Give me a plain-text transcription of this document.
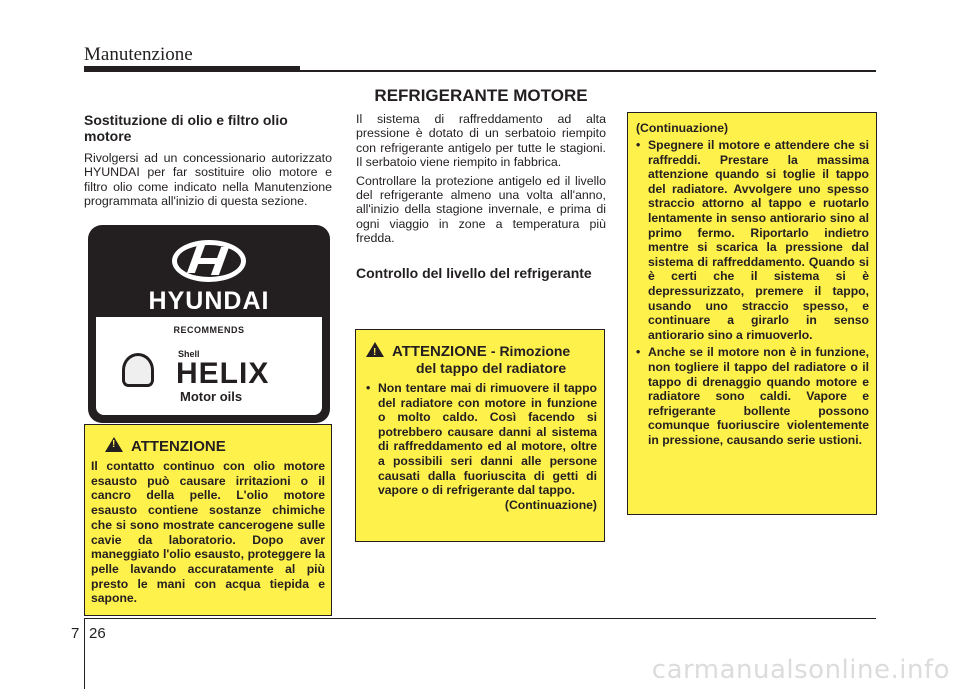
Manutenzione
REFRIGERANTE MOTORE
Sostituzione di olio e filtro olio motore

Rivolgersi ad un concessionario autorizzato HYUNDAI per far sostituire olio motore e filtro olio come indicato nella Manutenzione programmata all'inizio di questa sezione.

HYUNDAI
RECOMMENDS
Shell
HELIX
Motor oils
!ATTENZIONE
Il contatto continuo con olio motore esausto può causare irritazioni o il cancro della pelle. L'olio motore esausto contiene sostanze chimiche che si sono mostrate cancerogene sulle cavie da laboratorio. Dopo aver maneggiato l'olio esausto, proteggere la pelle lavando accuratamente al più presto le mani con acqua tiepida e sapone.

Il sistema di raffreddamento ad alta pressione è dotato di un serbatoio riempito con refrigerante antigelo per tutte le stagioni. Il serbatoio viene riempito in fabbrica.

Controllare la protezione antigelo ed il livello del refrigerante almeno una volta all'anno, all'inizio della stagione invernale, e prima di ogni viaggio in zone a temperatura più fredda.

Controllo del livello del refrigerante
!ATTENZIONE - Rimozione
del tappo del radiatore
• Non tentare mai di rimuovere il tappo del radiatore con motore in funzione o molto caldo. Così facendo si potrebbero causare danni al sistema di raffreddamento ed al motore, oltre a possibili seri danni alle persone causati dalla fuoriuscita di getti di vapore o di refrigerante dal tappo.
(Continuazione)
(Continuazione)
• Spegnere il motore e attendere che si raffreddi. Prestare la massima attenzione quando si toglie il tappo del radiatore. Avvolgere uno spesso straccio attorno al tappo e ruotarlo lentamente in senso antiorario sino al primo fermo. Riportarlo indietro mentre si scarica la pressione dal sistema di raffreddamento. Quando si è certi che il sistema si è depressurizzato, premere il tappo, usando uno straccio spesso, e continuare a girarlo in senso antiorario sino a rimuoverlo.
• Anche se il motore non è in funzione, non togliere il tappo del radiatore o il tappo di drenaggio quando motore e radiatore sono caldi. Vapore e refrigerante bollente possono comunque fuoriuscire violentemente in pressione, causando serie ustioni.
7 26
carmanualsonline.info
